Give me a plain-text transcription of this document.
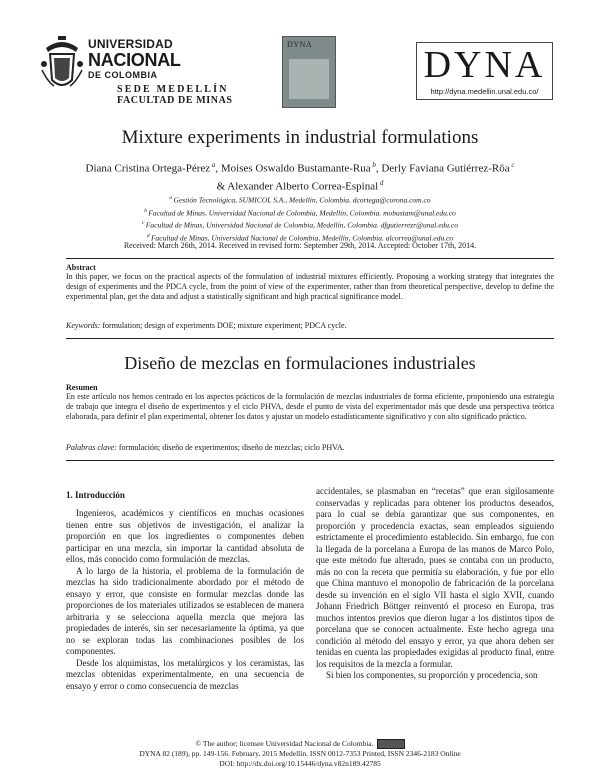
UNIVERSIDAD
NACIONAL
DE COLOMBIA
SEDE MEDELLÍN
FACULTAD DE MINAS
DYNA	DYNA
http://dyna.medellin.unal.edu.co/
Mixture experiments in industrial formulations
Diana Cristina Ortega-Pérez $^a$, Moises Oswaldo Bustamante-Rua $^b$, Derly Faviana Gutiérrez-Rôa $^c$
& Alexander Alberto Correa-Espinal $^d$
$^a$ Gestión Tecnológica, SUMICOL S.A., Medellín, Colombia. dcortega@corona.com.co
$^b$ Facultad de Minas, Universidad Nacional de Colombia, Medellín, Colombia. mobustam@unal.edu.co
$^c$ Facultad de Minas, Universidad Nacional de Colombia, Medellín, Colombia. dfgutierrezr@unal.edu.co
$^d$ Facultad de Minas, Universidad Nacional de Colombia, Medellín, Colombia. alcorrea@unal.edu.co
Received: March 26th, 2014. Received in revised form: September 29th, 2014. Accepted: October 17th, 2014.
Abstract
In this paper, we focus on the practical aspects of the formulation of industrial mixtures efficiently. Proposing a working strategy that integrates the design of experiments and the PDCA cycle, from the point of view of the experimenter, rather than from theoretical perspective, develop to define the experimental plan, get the data and adjust a statistically significant and high practical significance model.
Keywords: formulation; design of experiments DOE; mixture experiment; PDCA cycle.
Diseño de mezclas en formulaciones industriales
Resumen
En este artículo nos hemos centrado en los aspectos prácticos de la formulación de mezclas industriales de forma eficiente, proponiendo una estrategia de trabajo que integra el diseño de experimentos y el ciclo PHVA, desde el punto de vista del experimentador más que desde una perspectiva teórica elaborada, para definir el plan experimental, obtener los datos y ajustar un modelo estadísticamente significativo y con alto significado práctico.
Palabras clave: formulación; diseño de experimentos; diseño de mezclas; ciclo PHVA.
1. Introducción

Ingenieros, académicos y científicos en muchas ocasiones tienen entre sus objetivos de investigación, el analizar la proporción en que los ingredientes o componentes deben participar en una mezcla, sin importar la cantidad absoluta de ellos, más conocido como formulación de mezclas.

A lo largo de la historia, el problema de la formulación de mezclas ha sido tradicionalmente abordado por el método de ensayo y error, que consiste en formular mezclas donde las proporciones de los materiales utilizados se establecen de manera arbitraria y se selecciona aquella mezcla que mejora las propiedades de interés, sin ser necesariamente la óptima, ya que no se exploran todas las combinaciones posibles de los componentes.

Desde los alquimistas, los metalúrgicos y los ceramistas, las mezclas obtenidas experimentalmente, en una secuencia de ensayo y error o como consecuencia de mezclas

accidentales, se plasmaban en “recetas” que eran sigilosamente conservadas y replicadas para obtener los productos deseados, para lo cual se debía garantizar que sus componentes, en proporción y procedencia exactas, sean empleados siguiendo estrictamente el procedimiento establecido. Sin embargo, fue con la llegada de la porcelana a Europa de las manos de Marco Polo, que este método fue alterado, pues se contaba con un producto, más no con la receta que permitía su elaboración, y fue por ello que China mantuvo el monopolio de fabricación de la porcelana desde su invención en el siglo VII hasta el siglo XVII, cuando Johann Friedrich Böttger reinventó el proceso en Europa, tras muchos intentos previos que dieron lugar a los distintos tipos de porcelana que se conocen actualmente. Este hecho agrega una condición al método del ensayo y error, ya que ahora deben ser tenidas en cuenta las propiedades exigidas al producto final, entre los requisitos de la mezcla a formular.

Si bien los componentes, su proporción y procedencia, son

© The author; licensee Universidad Nacional de Colombia.
DYNA 82 (189), pp. 149-156. February, 2015 Medellín. ISSN 0012-7353 Printed, ISSN 2346-2183 Online
DOI: http://dx.doi.org/10.15446/dyna.v82n189.42785
